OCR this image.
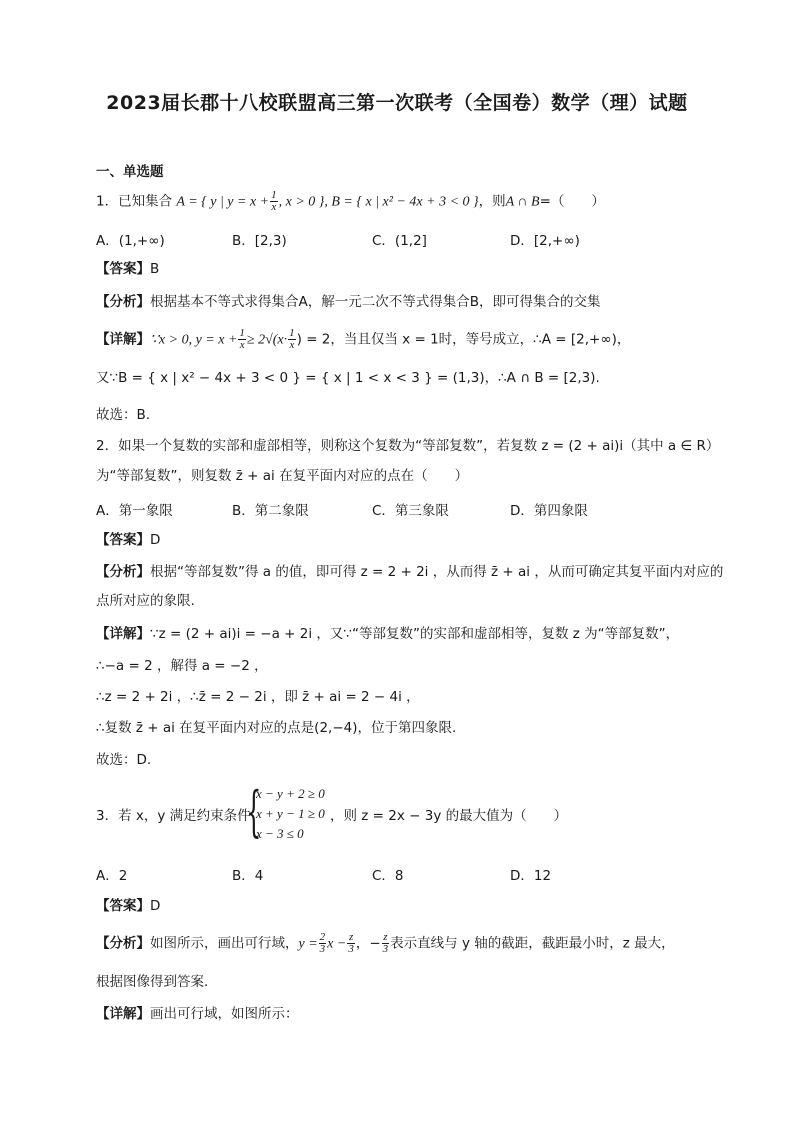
2023届长郡十八校联盟高三第一次联考（全国卷）数学（理）试题
一、单选题
1．已知集合 A = { y | $y = x + \frac{1}{x}$ , x > 0 }, B = { x | x² − 4x + 3 < 0 }，则A ∩ B=（　　）
A．(1,+∞)	B．[2,3)	C．(1,2]	D．[2,+∞)
【答案】B
【分析】根据基本不等式求得集合A，解一元二次不等式得集合B，即可得集合的交集
【详解】∵x > 0, $y = x + \frac{1}{x} \ge 2√(x\cdot \frac{1}{x}$ ) = 2，当且仅当 x = 1时，等号成立，∴A = [2,+∞)，
又∵B = { x | x² − 4x + 3 < 0 } = { x | 1 < x < 3 } = (1,3)，∴A ∩ B = [2,3).
故选：B.
2．如果一个复数的实部和虚部相等，则称这个复数为“等部复数”，若复数 z = (2 + ai)i（其中 a ∈ R）
为“等部复数”，则复数 z̄ + ai 在复平面内对应的点在（　　）
A．第一象限	B．第二象限	C．第三象限	D．第四象限
【答案】D
【分析】根据“等部复数”得 a 的值，即可得 z = 2 + 2i ，从而得 z̄ + ai ，从而可确定其复平面内对应的
点所对应的象限.
【详解】∵z = (2 + ai)i = −a + 2i ，又∵“等部复数”的实部和虚部相等，复数 z 为“等部复数”，
∴−a = 2 ，解得 a = −2 ，
∴z = 2 + 2i ，∴z̄ = 2 − 2i ，即 z̄ + ai = 2 − 4i ，
∴复数 z̄ + ai 在复平面内对应的点是(2,−4)，位于第四象限.
故选：D.
3．若 x，y 满足约束条件
{
x − y + 2 ≥ 0
x + y − 1 ≥ 0
x − 3 ≤ 0
，则 z = 2x − 3y 的最大值为（　　）
A．2	B．4	C．8	D．12
【答案】D
【分析】如图所示，画出可行域，$y = \frac{2}{3}$ $x - \frac{z}{3}$ ，− $\frac{z}{3}$ 表示直线与 y 轴的截距，截距最小时，z 最大，
根据图像得到答案.
【详解】画出可行域，如图所示：
